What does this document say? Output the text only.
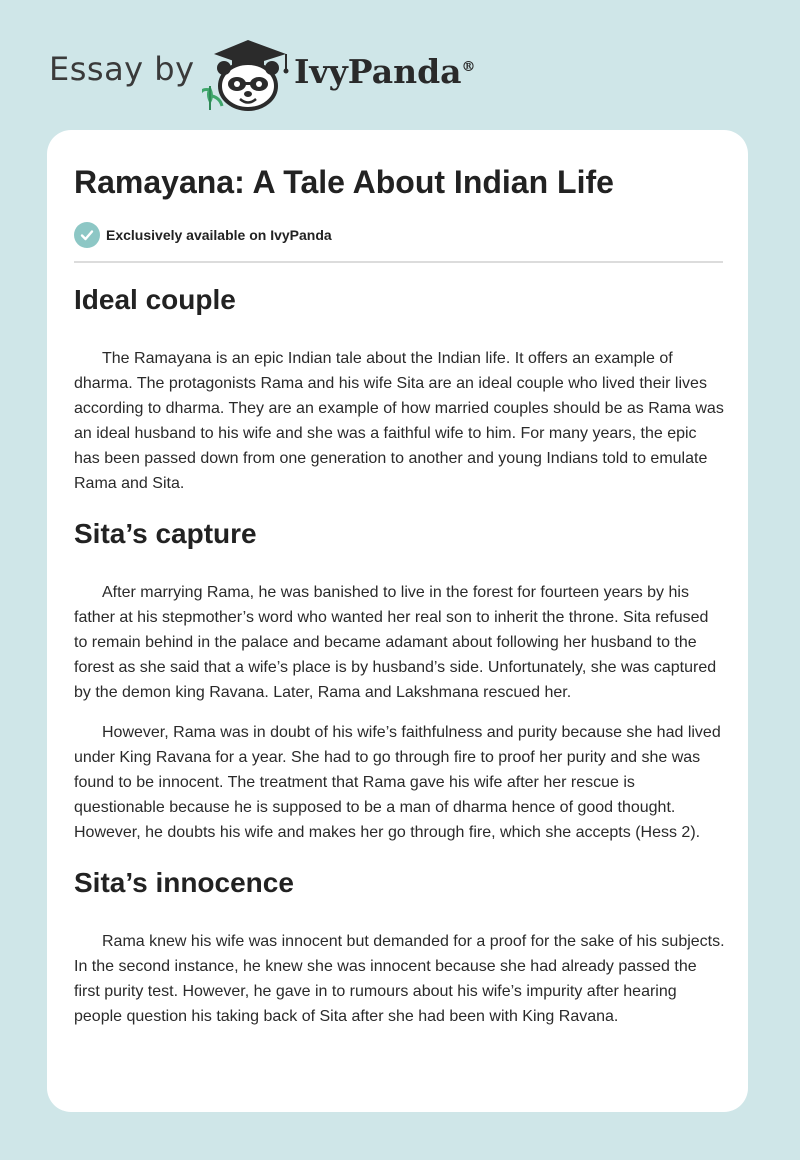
Essay by	IvyPanda®
Ramayana: A Tale About Indian Life
Exclusively available on IvyPanda
Ideal couple

The Ramayana is an epic Indian tale about the Indian life. It offers an example of dharma. The protagonists Rama and his wife Sita are an ideal couple who lived their lives according to dharma. They are an example of how married couples should be as Rama was an ideal husband to his wife and she was a faithful wife to him. For many years, the epic has been passed down from one generation to another and young Indians told to emulate Rama and Sita.

Sita’s capture

After marrying Rama, he was banished to live in the forest for fourteen years by his father at his stepmother’s word who wanted her real son to inherit the throne. Sita refused to remain behind in the palace and became adamant about following her husband to the forest as she said that a wife’s place is by husband’s side. Unfortunately, she was captured by the demon king Ravana. Later, Rama and Lakshmana rescued her.

However, Rama was in doubt of his wife’s faithfulness and purity because she had lived under King Ravana for a year. She had to go through fire to proof her purity and she was found to be innocent. The treatment that Rama gave his wife after her rescue is questionable because he is supposed to be a man of dharma hence of good thought. However, he doubts his wife and makes her go through fire, which she accepts (Hess 2).

Sita’s innocence

Rama knew his wife was innocent but demanded for a proof for the sake of his subjects. In the second instance, he knew she was innocent because she had already passed the first purity test. However, he gave in to rumours about his wife’s impurity after hearing people question his taking back of Sita after she had been with King Ravana.
